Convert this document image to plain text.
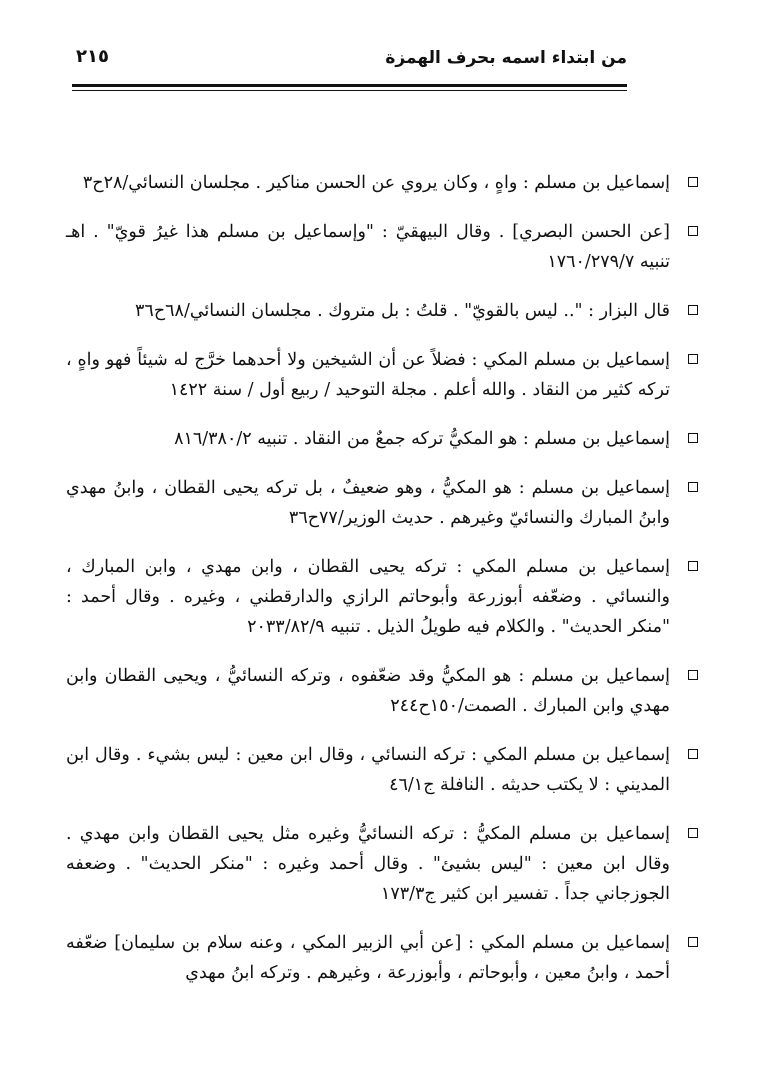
من ابتداء اسمه بحرف الهمزة
٢١٥
إسماعيل بن مسلم : واهٍ ، وكان يروي عن الحسن مناكير . مجلسان النسائي/٢٨ح٣
[عن الحسن البصري] . وقال البيهقيّ : "وإسماعيل بن مسلم هذا غيرُ قويّ" . اهـ تنبيه ١٧٦٠/٢٧٩/٧
قال البزار : ".. ليس بالقويّ" . قلتُ : بل متروك . مجلسان النسائي/٦٨ح٣٦
إسماعيل بن مسلم المكي : فضلاً عن أن الشيخين ولا أحدهما خرَّج له شيئاً فهو واهٍ ، تركه كثير من النقاد . والله أعلم . مجلة التوحيد / ربيع أول / سنة ١٤٢٢
إسماعيل بن مسلم : هو المكيُّ تركه جمعٌ من النقاد . تنبيه ٨١٦/٣٨٠/٢
إسماعيل بن مسلم : هو المكيُّ ، وهو ضعيفٌ ، بل تركه يحيى القطان ، وابنُ مهدي وابنُ المبارك والنسائيّ وغيرهم . حديث الوزير/٧٧ح٣٦
إسماعيل بن مسلم المكي : تركه يحيى القطان ، وابن مهدي ، وابن المبارك ، والنسائي . وضعّفه أبوزرعة وأبوحاتم الرازي والدارقطني ، وغيره . وقال أحمد : "منكر الحديث" . والكلام فيه طويلُ الذيل . تنبيه ٢٠٣٣/٨٢/٩
إسماعيل بن مسلم : هو المكيُّ وقد ضعّفوه ، وتركه النسائيُّ ، ويحيى القطان وابن مهدي وابن المبارك . الصمت/١٥٠ح٢٤٤
إسماعيل بن مسلم المكي : تركه النسائي ، وقال ابن معين : ليس بشيء . وقال ابن المديني : لا يكتب حديثه . النافلة ج٤٦/١
إسماعيل بن مسلم المكيُّ : تركه النسائيُّ وغيره مثل يحيى القطان وابن مهدي . وقال ابن معين : "ليس بشيئ" . وقال أحمد وغيره : "منكر الحديث" . وضعفه الجوزجاني جداً . تفسير ابن كثير ج١٧٣/٣
إسماعيل بن مسلم المكي : [عن أبي الزبير المكي ، وعنه سلام بن سليمان] ضعّفه أحمد ، وابنُ معين ، وأبوحاتم ، وأبوزرعة ، وغيرهم . وتركه ابنُ مهدي
